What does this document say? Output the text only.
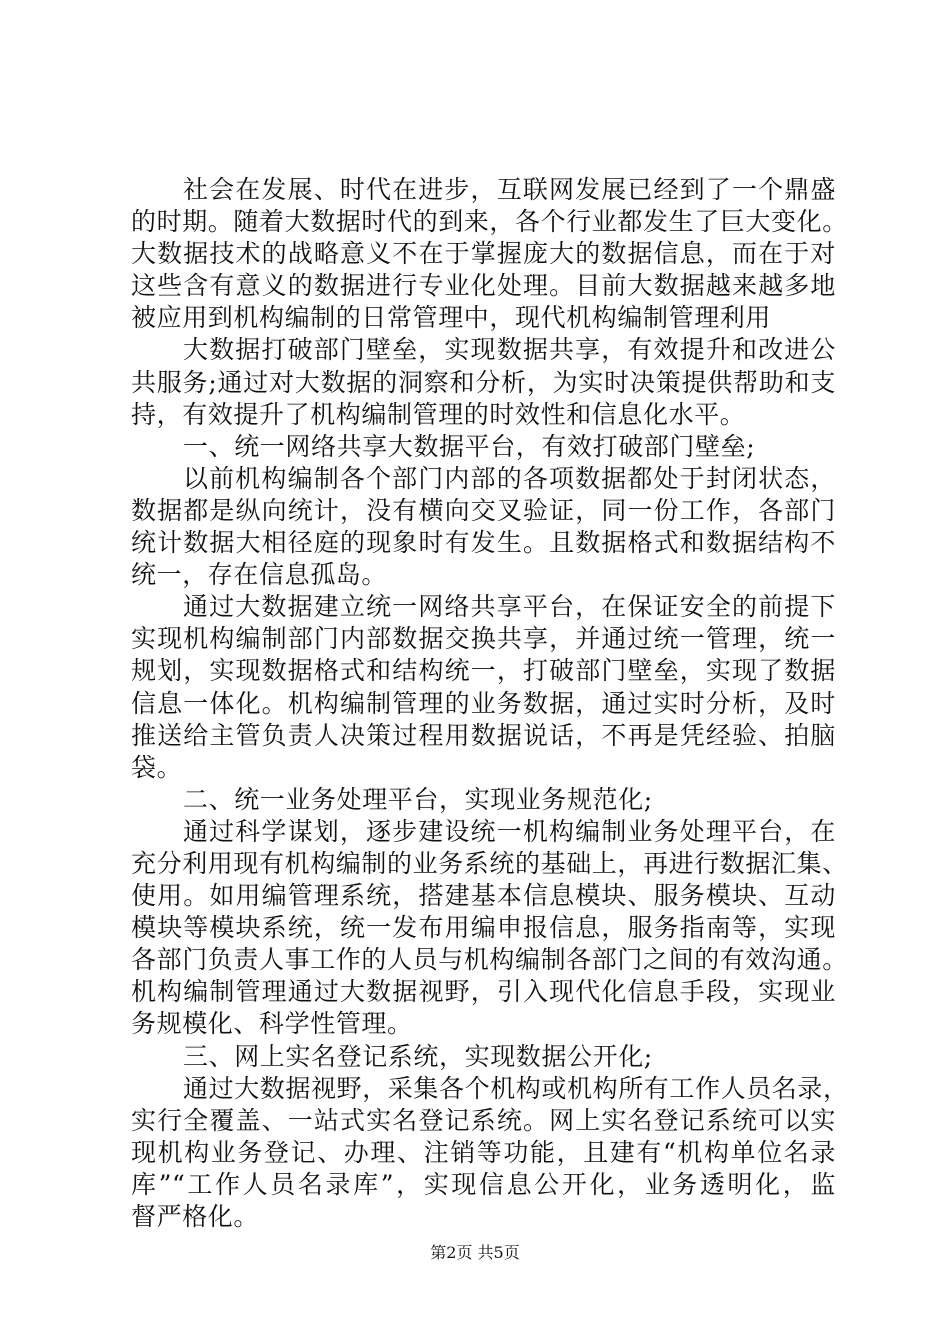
社会在发展、时代在进步，互联网发展已经到了一个鼎盛
的时期。随着大数据时代的到来，各个行业都发生了巨大变化。
大数据技术的战略意义不在于掌握庞大的数据信息，而在于对
这些含有意义的数据进行专业化处理。目前大数据越来越多地
被应用到机构编制的日常管理中，现代机构编制管理利用
大数据打破部门壁垒，实现数据共享，有效提升和改进公
共服务;通过对大数据的洞察和分析，为实时决策提供帮助和支
持，有效提升了机构编制管理的时效性和信息化水平。
一、统一网络共享大数据平台，有效打破部门壁垒;
以前机构编制各个部门内部的各项数据都处于封闭状态，
数据都是纵向统计，没有横向交叉验证，同一份工作，各部门
统计数据大相径庭的现象时有发生。且数据格式和数据结构不
统一，存在信息孤岛。
通过大数据建立统一网络共享平台，在保证安全的前提下
实现机构编制部门内部数据交换共享，并通过统一管理，统一
规划，实现数据格式和结构统一，打破部门壁垒，实现了数据
信息一体化。机构编制管理的业务数据，通过实时分析，及时
推送给主管负责人决策过程用数据说话，不再是凭经验、拍脑
袋。
二、统一业务处理平台，实现业务规范化;
通过科学谋划，逐步建设统一机构编制业务处理平台，在
充分利用现有机构编制的业务系统的基础上，再进行数据汇集、
使用。如用编管理系统，搭建基本信息模块、服务模块、互动
模块等模块系统，统一发布用编申报信息，服务指南等，实现
各部门负责人事工作的人员与机构编制各部门之间的有效沟通。
机构编制管理通过大数据视野，引入现代化信息手段，实现业
务规模化、科学性管理。
三、网上实名登记系统，实现数据公开化;
通过大数据视野，采集各个机构或机构所有工作人员名录，
实行全覆盖、一站式实名登记系统。网上实名登记系统可以实
现机构业务登记、办理、注销等功能，且建有“机构单位名录
库”“工作人员名录库”，实现信息公开化，业务透明化，监
督严格化。
第2页 共5页
